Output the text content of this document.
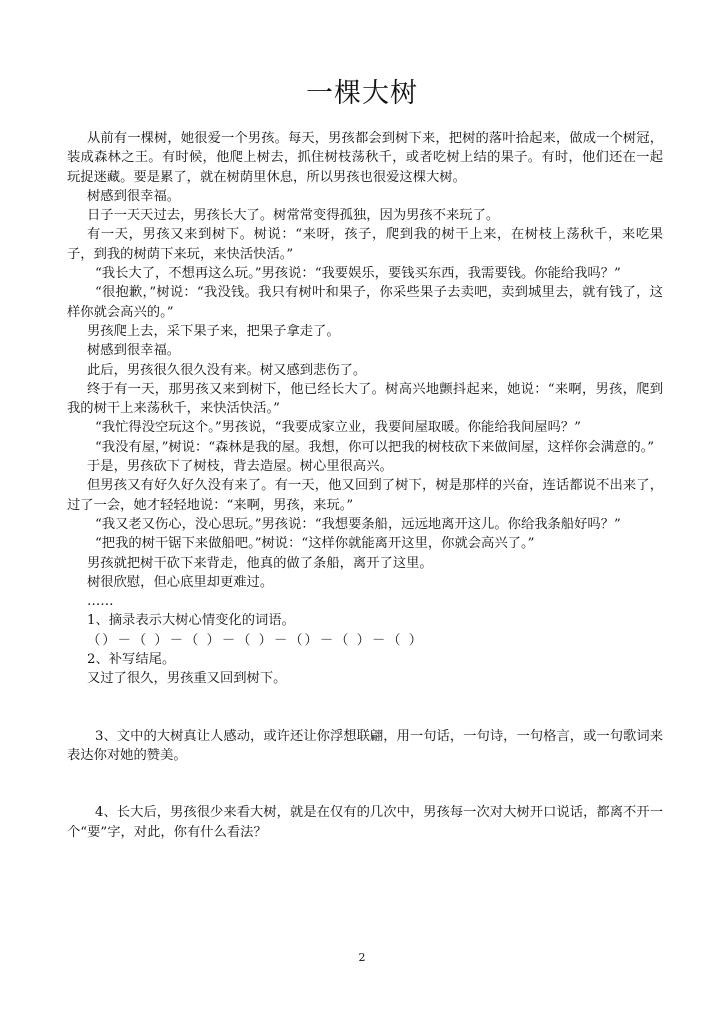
一棵大树

从前有一棵树，她很爱一个男孩。每天，男孩都会到树下来，把树的落叶拾起来，做成一个树冠，装成森林之王。有时候，他爬上树去，抓住树枝荡秋千，或者吃树上结的果子。有时，他们还在一起玩捉迷藏。要是累了，就在树荫里休息，所以男孩也很爱这棵大树。

树感到很幸福。

日子一天天过去，男孩长大了。树常常变得孤独，因为男孩不来玩了。

有一天，男孩又来到树下。树说：“来呀，孩子，爬到我的树干上来，在树枝上荡秋千，来吃果子，到我的树荫下来玩，来快活快活。”

“我长大了，不想再这么玩。”男孩说：“我要娱乐，要钱买东西，我需要钱。你能给我吗？”

“很抱歉，”树说：“我没钱。我只有树叶和果子，你采些果子去卖吧，卖到城里去，就有钱了，这样你就会高兴的。”

男孩爬上去，采下果子来，把果子拿走了。

树感到很幸福。

此后，男孩很久很久没有来。树又感到悲伤了。

终于有一天，那男孩又来到树下，他已经长大了。树高兴地颤抖起来，她说：“来啊，男孩，爬到我的树干上来荡秋千，来快活快活。”

“我忙得没空玩这个。”男孩说，“我要成家立业，我要间屋取暖。你能给我间屋吗？”

“我没有屋，”树说：“森林是我的屋。我想，你可以把我的树枝砍下来做间屋，这样你会满意的。”

于是，男孩砍下了树枝，背去造屋。树心里很高兴。

但男孩又有好久好久没有来了。有一天，他又回到了树下，树是那样的兴奋，连话都说不出来了，过了一会，她才轻轻地说：“来啊，男孩，来玩。”

“我又老又伤心，没心思玩。”男孩说：“我想要条船，远远地离开这儿。你给我条船好吗？”

“把我的树干锯下来做船吧。”树说：“这样你就能离开这里，你就会高兴了。”

男孩就把树干砍下来背走，他真的做了条船，离开了这里。

树很欣慰，但心底里却更难过。

……

1、摘录表示大树心情变化的词语。

（）－（ ）－（ ）－（ ）－（）－（ ）－（ ）

2、补写结尾。

又过了很久，男孩重又回到树下。

3、文中的大树真让人感动，或许还让你浮想联翩，用一句话，一句诗，一句格言，或一句歌词来表达你对她的赞美。

4、长大后，男孩很少来看大树，就是在仅有的几次中，男孩每一次对大树开口说话，都离不开一个“要”字，对此，你有什么看法？

2
